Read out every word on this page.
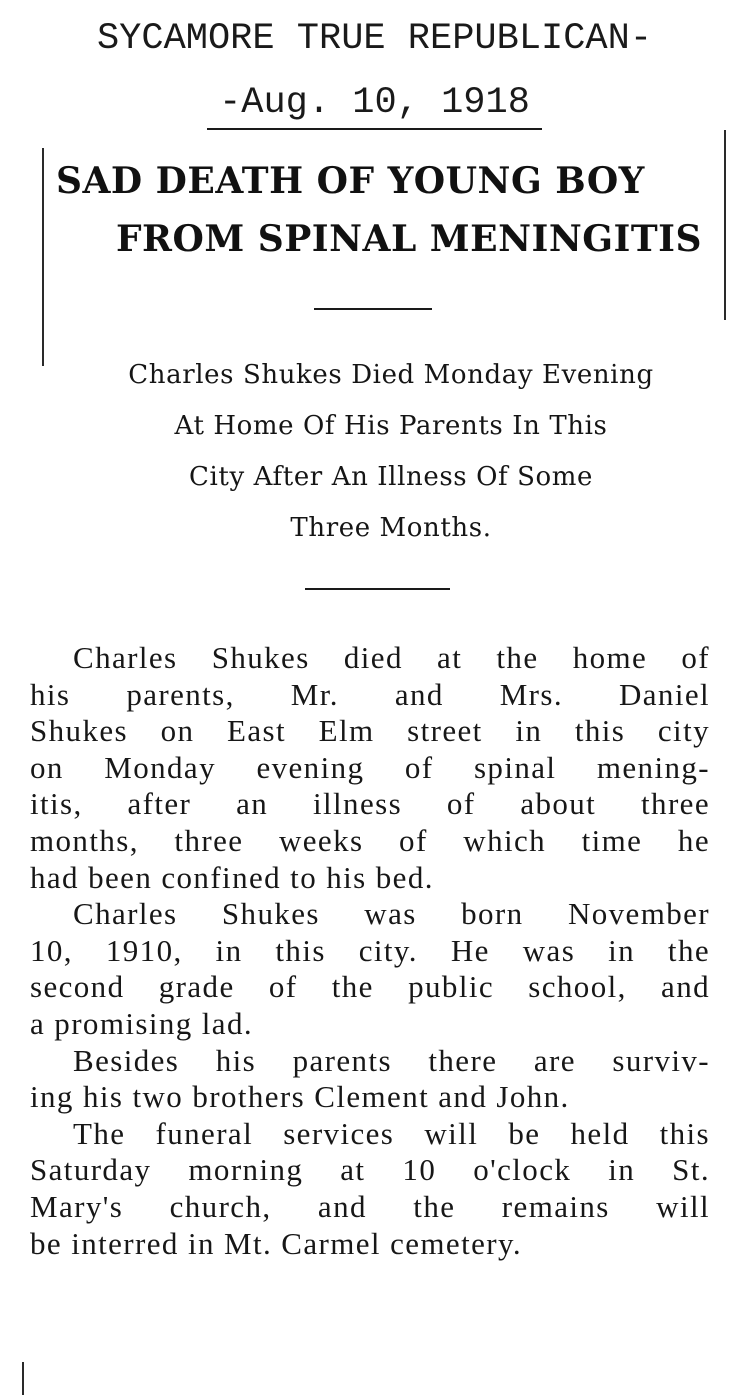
SYCAMORE TRUE REPUBLICAN-
-Aug. 10, 1918
SAD DEATH OF YOUNG BOY
FROM SPINAL MENINGITIS
Charles Shukes Died Monday Evening
At Home Of His Parents In This
City After An Illness Of Some
Three Months.
Charles Shukes died at the home of
his parents, Mr. and Mrs. Daniel
Shukes on East Elm street in this city
on Monday evening of spinal mening-
itis, after an illness of about three
months, three weeks of which time he
had been confined to his bed.
Charles Shukes was born November
10, 1910, in this city. He was in the
second grade of the public school, and
a promising lad.
Besides his parents there are surviv-
ing his two brothers Clement and John.
The funeral services will be held this
Saturday morning at 10 o'clock in St.
Mary's church, and the remains will
be interred in Mt. Carmel cemetery.
